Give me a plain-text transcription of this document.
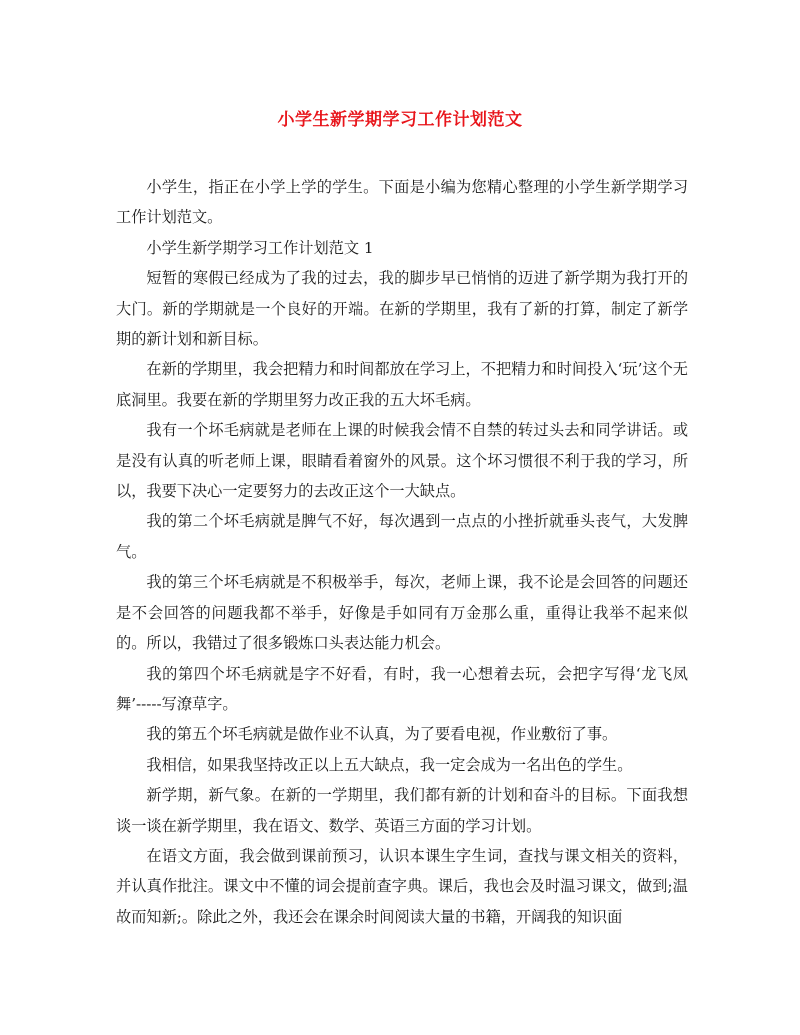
小学生新学期学习工作计划范文

小学生，指正在小学上学的学生。下面是小编为您精心整理的小学生新学期学习工作计划范文。

小学生新学期学习工作计划范文 1

短暂的寒假已经成为了我的过去，我的脚步早已悄悄的迈进了新学期为我打开的大门。新的学期就是一个良好的开端。在新的学期里，我有了新的打算，制定了新学期的新计划和新目标。

在新的学期里，我会把精力和时间都放在学习上，不把精力和时间投入‘玩’这个无底洞里。我要在新的学期里努力改正我的五大坏毛病。

我有一个坏毛病就是老师在上课的时候我会情不自禁的转过头去和同学讲话。或是没有认真的听老师上课，眼睛看着窗外的风景。这个坏习惯很不利于我的学习，所以，我要下决心一定要努力的去改正这个一大缺点。

我的第二个坏毛病就是脾气不好，每次遇到一点点的小挫折就垂头丧气，大发脾气。

我的第三个坏毛病就是不积极举手，每次，老师上课，我不论是会回答的问题还是不会回答的问题我都不举手，好像是手如同有万金那么重，重得让我举不起来似的。所以，我错过了很多锻炼口头表达能力机会。

我的第四个坏毛病就是字不好看，有时，我一心想着去玩，会把字写得‘龙飞凤舞’-----写潦草字。

我的第五个坏毛病就是做作业不认真，为了要看电视，作业敷衍了事。

我相信，如果我坚持改正以上五大缺点，我一定会成为一名出色的学生。

新学期，新气象。在新的一学期里，我们都有新的计划和奋斗的目标。下面我想谈一谈在新学期里，我在语文、数学、英语三方面的学习计划。

在语文方面，我会做到课前预习，认识本课生字生词，查找与课文相关的资料，并认真作批注。课文中不懂的词会提前查字典。课后，我也会及时温习课文，做到;温故而知新;。除此之外，我还会在课余时间阅读大量的书籍，开阔我的知识面
